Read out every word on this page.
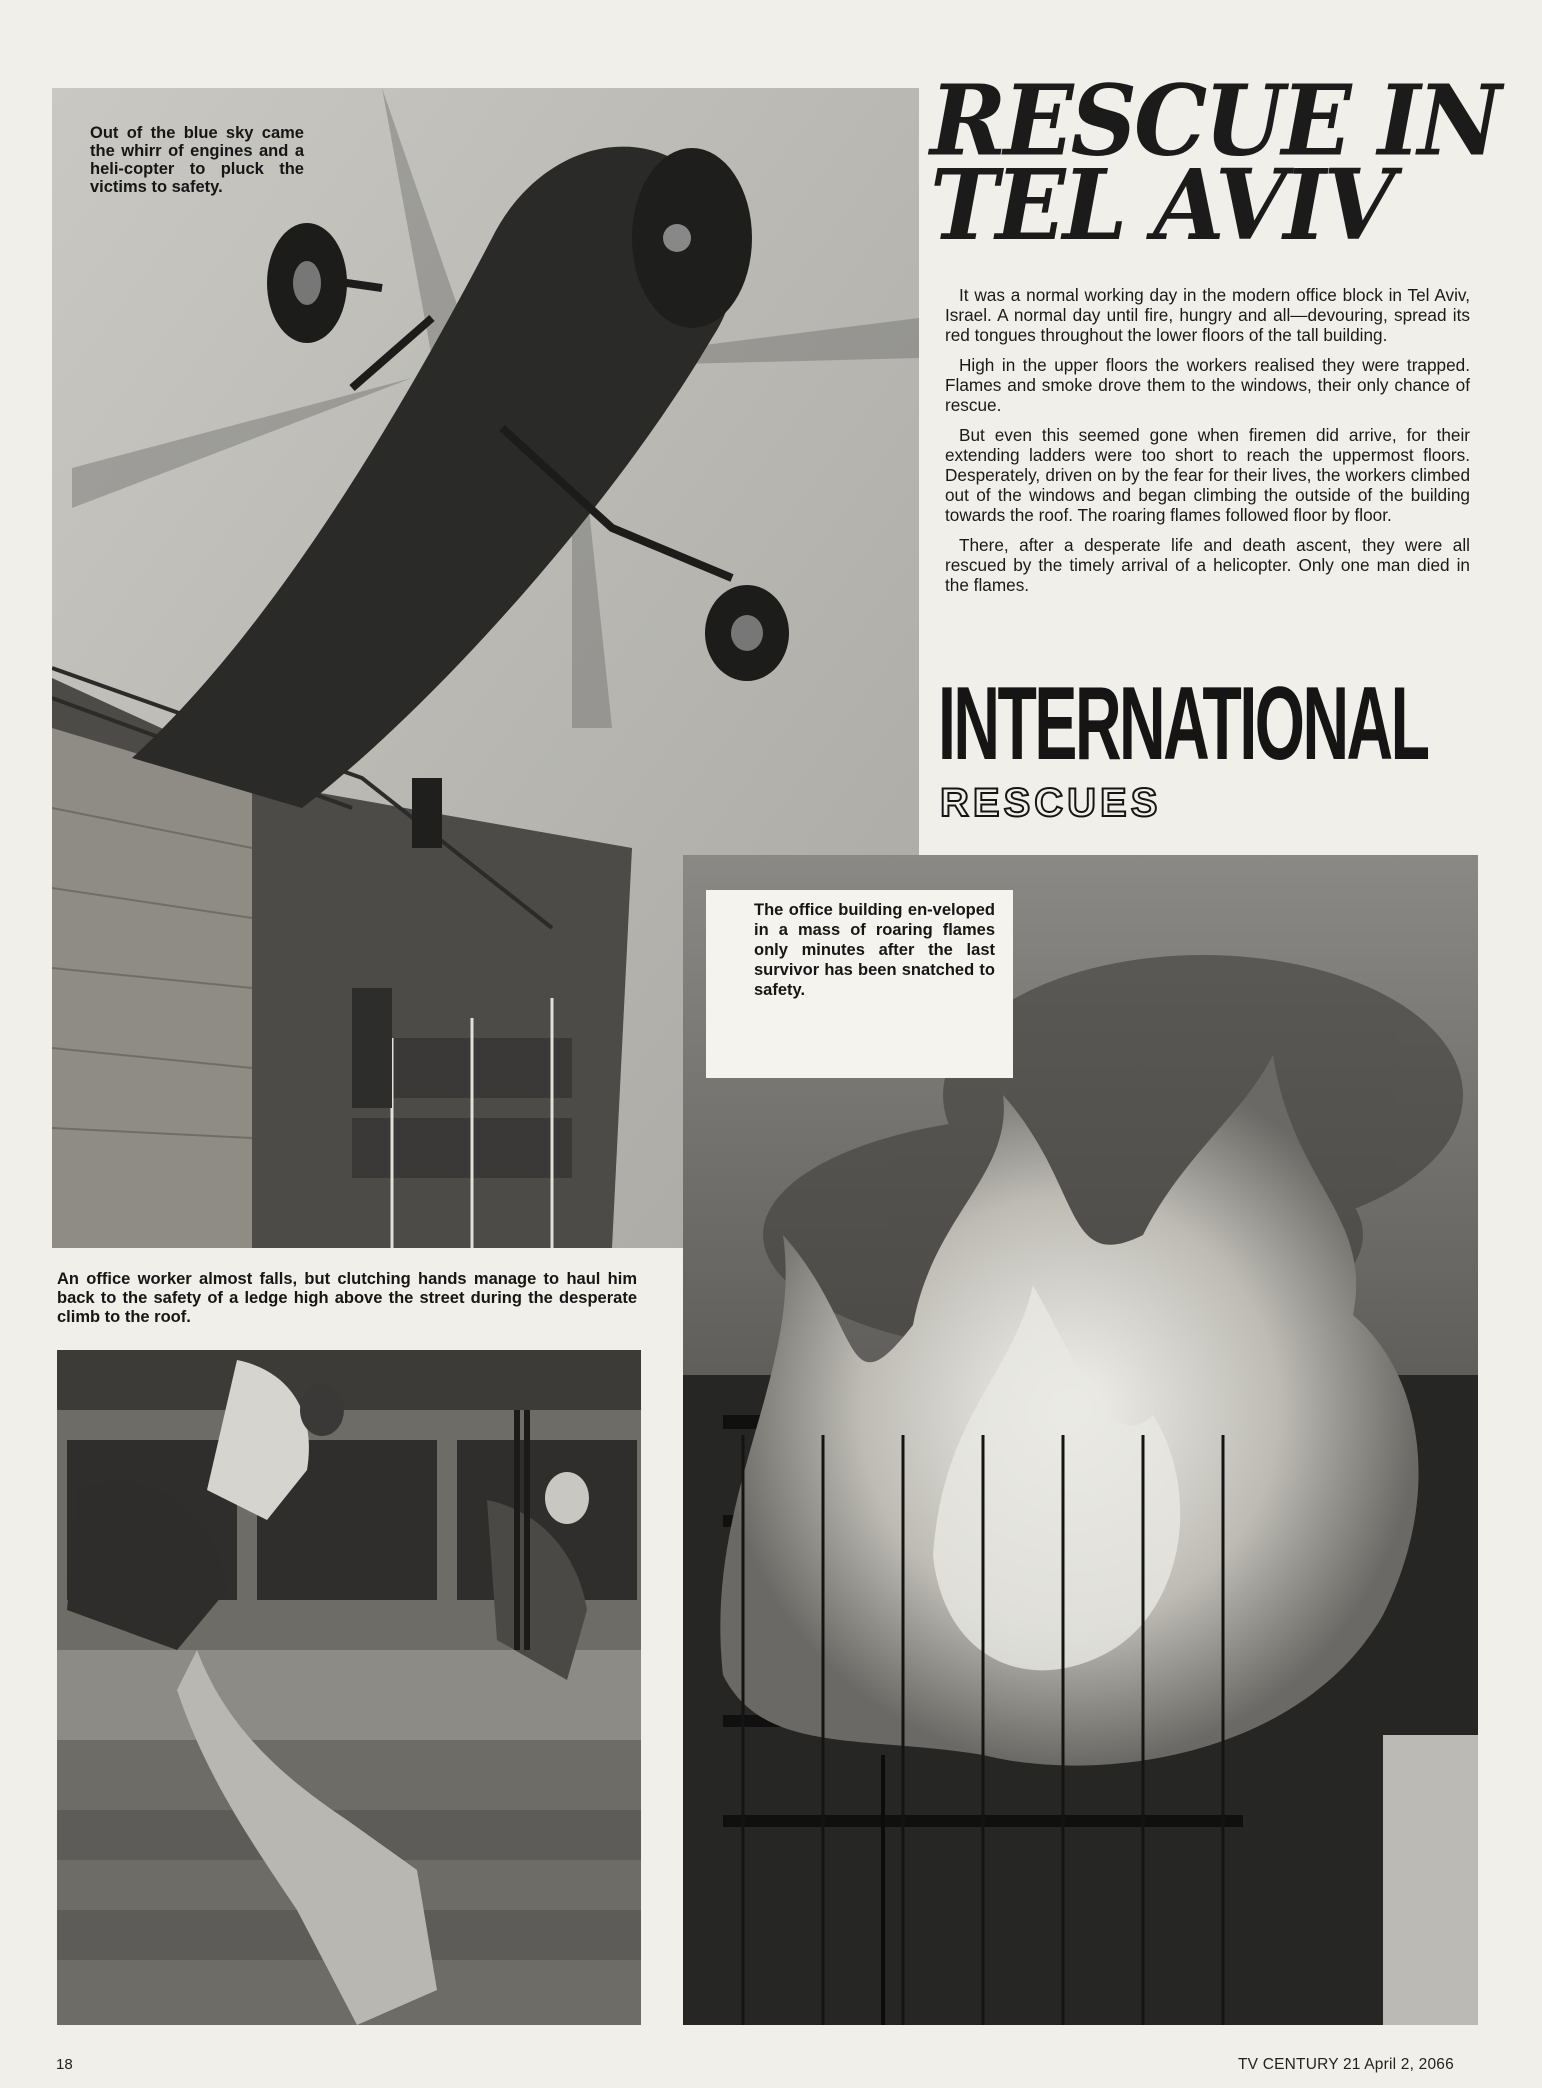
Out of the blue sky came the whirr of engines and a heli-copter to pluck the victims to safety.
RESCUE IN
TEL AVIV

It was a normal working day in the modern office block in Tel Aviv, Israel. A normal day until fire, hungry and all—devouring, spread its red tongues throughout the lower floors of the tall building.

High in the upper floors the workers realised they were trapped. Flames and smoke drove them to the windows, their only chance of rescue.

But even this seemed gone when firemen did arrive, for their extending ladders were too short to reach the uppermost floors. Desperately, driven on by the fear for their lives, the workers climbed out of the windows and began climbing the outside of the building towards the roof. The roaring flames followed floor by floor.

There, after a desperate life and death ascent, they were all rescued by the timely arrival of a helicopter. Only one man died in the flames.

INTERNATIONAL
RESCUES
The office building en-veloped in a mass of roaring flames only minutes after the last survivor has been snatched to safety.
An office worker almost falls, but clutching hands manage to haul him back to the safety of a ledge high above the street during the desperate climb to the roof.
18	TV CENTURY 21 April 2, 2066
